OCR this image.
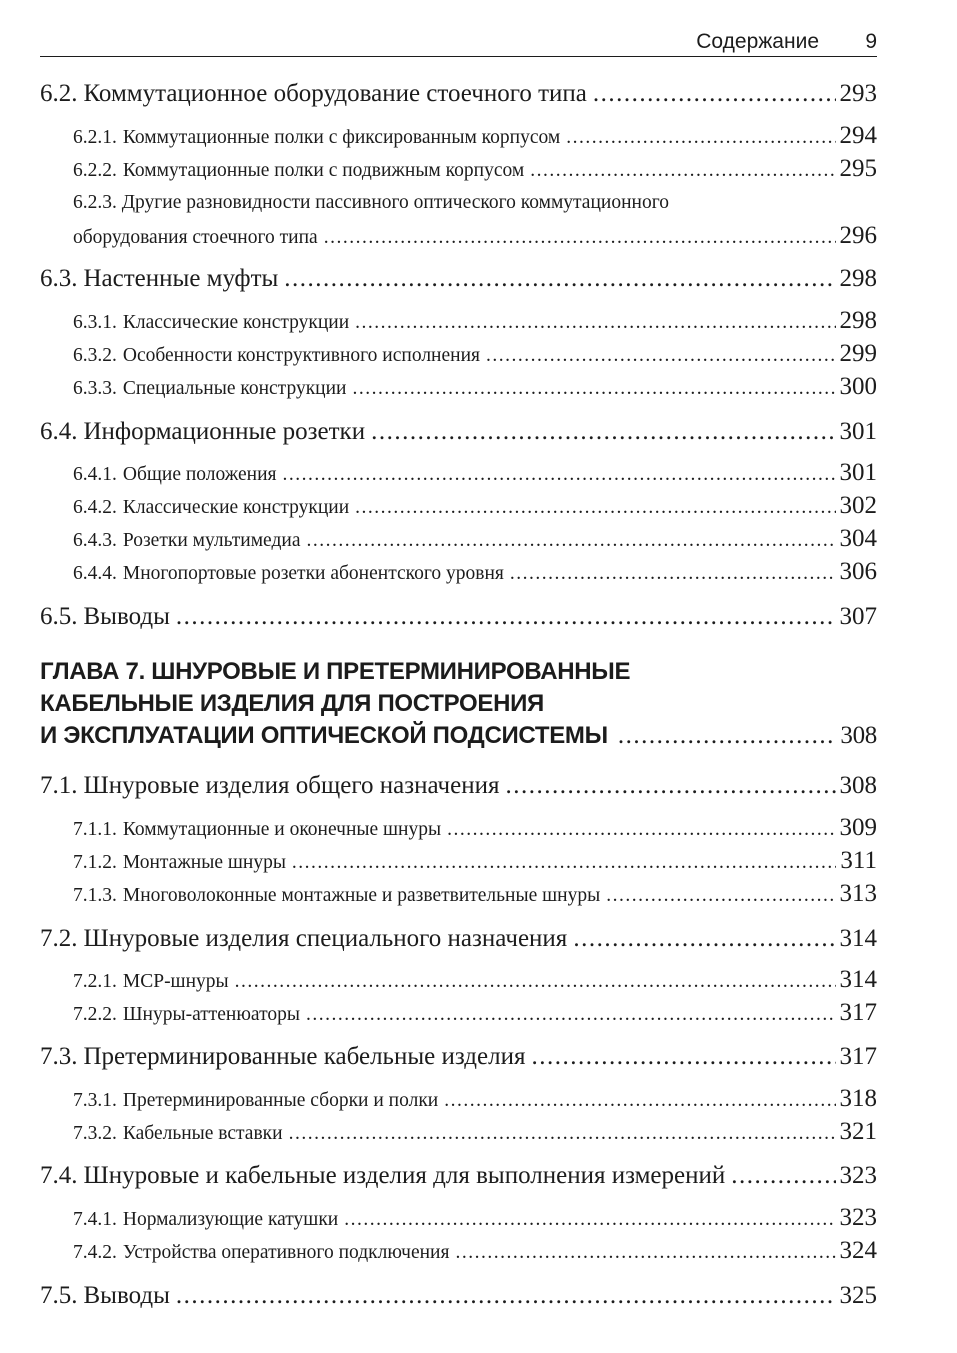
Содержание 9
6.2. Коммутационное оборудование стоечного типа .....	293
6.2.1. Коммутационные полки с фиксированным корпусом .....	294
6.2.2. Коммутационные полки с подвижным корпусом .....	295
6.2.3. Другие разновидности пассивного оптического коммутационного
оборудования стоечного типа .....	296
6.3. Настенные муфты .....	298
6.3.1. Классические конструкции .....	298
6.3.2. Особенности конструктивного исполнения .....	299
6.3.3. Специальные конструкции .....	300
6.4. Информационные розетки .....	301
6.4.1. Общие положения .....	301
6.4.2. Классические конструкции .....	302
6.4.3. Розетки мультимедиа .....	304
6.4.4. Многопортовые розетки абонентского уровня .....	306
6.5. Выводы .....	307
ГЛАВА 7. ШНУРОВЫЕ И ПРЕТЕРМИНИРОВАННЫЕ
КАБЕЛЬНЫЕ ИЗДЕЛИЯ ДЛЯ ПОСТРОЕНИЯ
И ЭКСПЛУАТАЦИИ ОПТИЧЕСКОЙ ПОДСИСТЕМЫ .....	308
7.1. Шнуровые изделия общего назначения .....	308
7.1.1. Коммутационные и оконечные шнуры .....	309
7.1.2. Монтажные шнуры .....	311
7.1.3. Многоволоконные монтажные и разветвительные шнуры .....	313
7.2. Шнуровые изделия специального назначения .....	314
7.2.1. МСР-шнуры .....	314
7.2.2. Шнуры-аттенюаторы .....	317
7.3. Претерминированные кабельные изделия .....	317
7.3.1. Претерминированные сборки и полки .....	318
7.3.2. Кабельные вставки .....	321
7.4. Шнуровые и кабельные изделия для выполнения измерений .....	323
7.4.1. Нормализующие катушки .....	323
7.4.2. Устройства оперативного подключения .....	324
7.5. Выводы .....	325
